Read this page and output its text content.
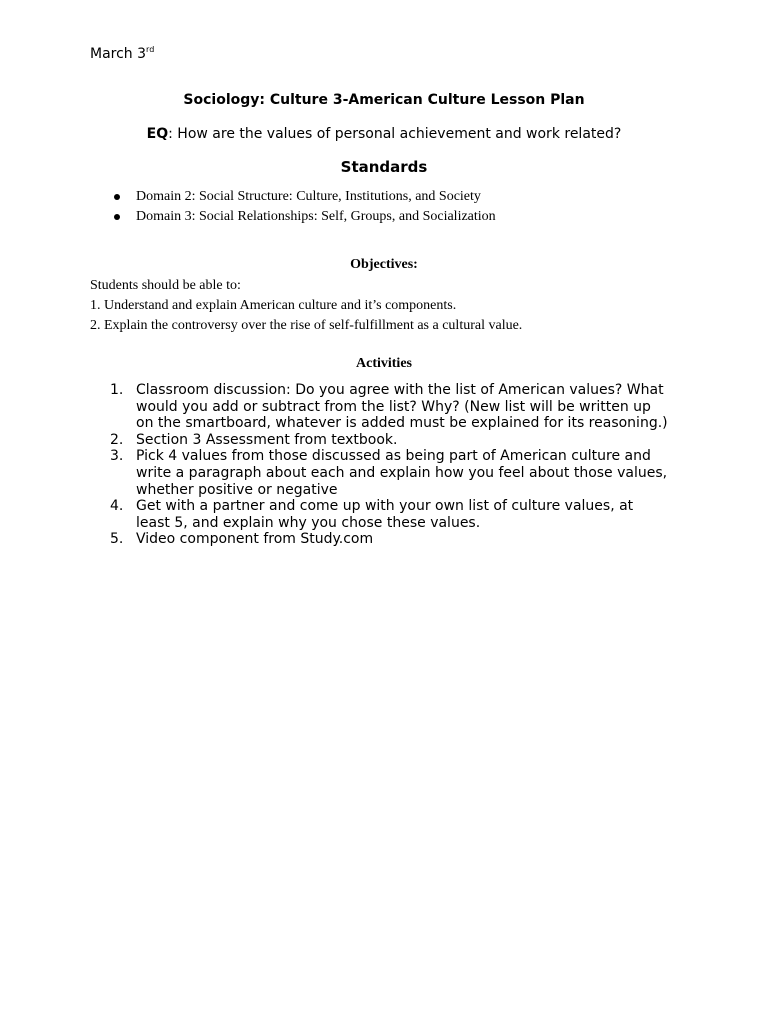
March 3rd
Sociology: Culture 3-American Culture Lesson Plan
EQ: How are the values of personal achievement and work related?
Standards
Domain 2: Social Structure: Culture, Institutions, and Society
Domain 3: Social Relationships: Self, Groups, and Socialization
Objectives:
Students should be able to:
1. Understand and explain American culture and it’s components.
2. Explain the controversy over the rise of self-fulfillment as a cultural value.
Activities
1. Classroom discussion: Do you agree with the list of American values? What would you add or subtract from the list? Why? (New list will be written up on the smartboard, whatever is added must be explained for its reasoning.)
2. Section 3 Assessment from textbook.
3. Pick 4 values from those discussed as being part of American culture and write a paragraph about each and explain how you feel about those values, whether positive or negative
4. Get with a partner and come up with your own list of culture values, at least 5, and explain why you chose these values.
5. Video component from Study.com
